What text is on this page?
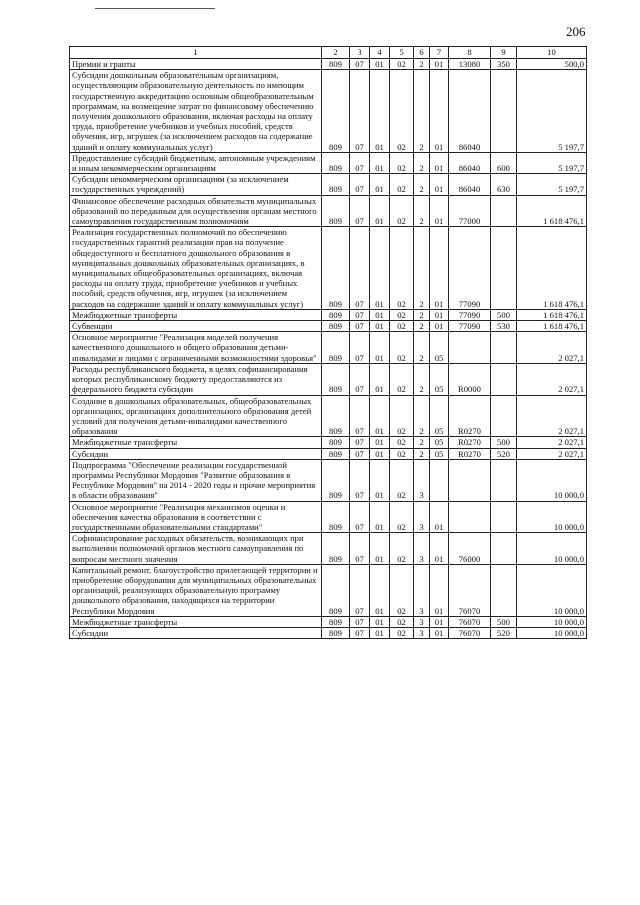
206
1	2	3	4	5	6	7	8	9	10
Премии и гранты	809	07	01	02	2	01	13080	350	500,0
Субсидии дошкольным образовательным организациям, осуществляющим образовательную деятельность по имеющим государственную аккредитацию основным общеобразовательным программам, на возмещение затрат по финансовому обеспечению получения дошкольного образования, включая расходы на оплату труда, приобретение учебников и учебных пособий, средств обучения, игр, игрушек (за исключением расходов на содержание зданий и оплату коммунальных услуг)	809	07	01	02	2	01	86040		5 197,7
Предоставление субсидий бюджетным, автономным учреждениям и иным некоммерческим организациям	809	07	01	02	2	01	86040	600	5 197,7
Субсидии некоммерческим организациям (за исключением государственных учреждений)	809	07	01	02	2	01	86040	630	5 197,7
Финансовое обеспечение расходных обязательств муниципальных образований по переданным для осуществления органам местного самоуправления государственным полномочиям	809	07	01	02	2	01	77000		1 618 476,1
Реализация государственных полномочий по обеспечению государственных гарантий реализации прав на получение общедоступного и бесплатного дошкольного образования в муниципальных дошкольных образовательных организациях, в муниципальных общеобразовательных организациях, включая расходы на оплату труда, приобретение учебников и учебных пособий, средств обучения, игр, игрушек (за исключением расходов на содержание зданий и оплату коммунальных услуг)	809	07	01	02	2	01	77090		1 618 476,1
Межбюджетные трансферты	809	07	01	02	2	01	77090	500	1 618 476,1
Субвенции	809	07	01	02	2	01	77090	530	1 618 476,1
Основное мероприятие "Реализация моделей получения качественного дошкольного и общего образования детьми-инвалидами и лицами с ограниченными возможностями здоровья"	809	07	01	02	2	05			2 027,1
Расходы республиканского бюджета, в целях софинансирования которых республиканскому бюджету предоставляются из федерального бюджета субсидии	809	07	01	02	2	05	R0000		2 027,1
Создание в дошкольных образовательных, общеобразовательных организациях, организациях дополнительного образования детей условий для получения детьми-инвалидами качественного образования	809	07	01	02	2	05	R0270		2 027,1
Межбюджетные трансферты	809	07	01	02	2	05	R0270	500	2 027,1
Субсидии	809	07	01	02	2	05	R0270	520	2 027,1
Подпрограмма "Обеспечение реализации государственной программы Республики Мордовия "Развитие образования в Республике Мордовия" на 2014 - 2020 годы и прочие мероприятия в области образования"	809	07	01	02	3				10 000,0
Основное мероприятие "Реализация механизмов оценки и обеспечения качества образования в соответствии с государственными образовательными стандартами"	809	07	01	02	3	01			10 000,0
Софинансирование расходных обязательств, возникающих при выполнении полномочий органов местного самоуправления по вопросам местного значения	809	07	01	02	3	01	76000		10 000,0
Капитальный ремонт, благоустройство прилегающей территории и приобретение оборудования для муниципальных образовательных организаций, реализующих образовательную программу дошкольного образования, находящихся на территории Республики Мордовия	809	07	01	02	3	01	76070		10 000,0
Межбюджетные трансферты	809	07	01	02	3	01	76070	500	10 000,0
Субсидии	809	07	01	02	3	01	76070	520	10 000,0
